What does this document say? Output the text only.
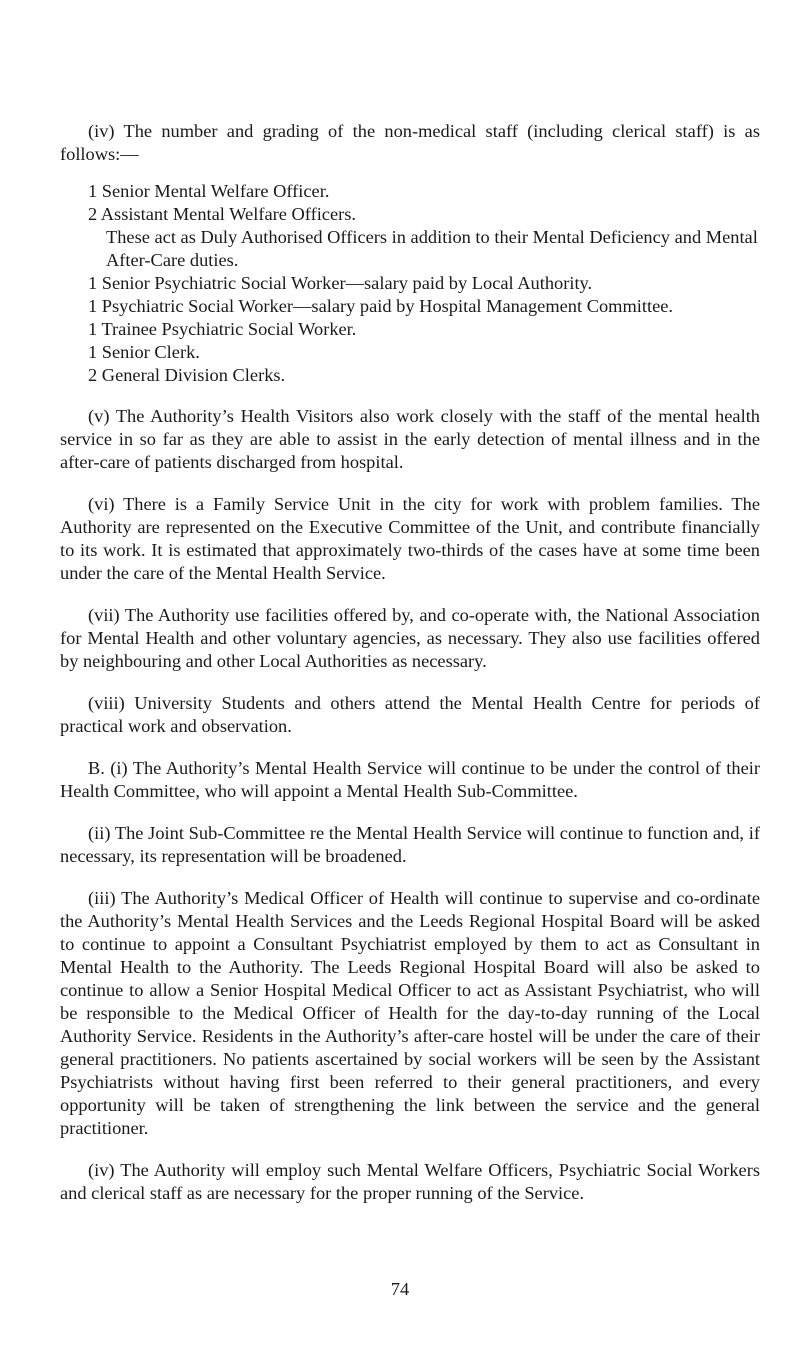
(iv) The number and grading of the non-medical staff (including clerical staff) is as follows:—

1 Senior Mental Welfare Officer.
2 Assistant Mental Welfare Officers.
These act as Duly Authorised Officers in addition to their Mental Deficiency and Mental After-Care duties.
1 Senior Psychiatric Social Worker—salary paid by Local Authority.
1 Psychiatric Social Worker—salary paid by Hospital Management Committee.
1 Trainee Psychiatric Social Worker.
1 Senior Clerk.
2 General Division Clerks.

(v) The Authority’s Health Visitors also work closely with the staff of the mental health service in so far as they are able to assist in the early detection of mental illness and in the after-care of patients discharged from hospital.

(vi) There is a Family Service Unit in the city for work with problem families. The Authority are represented on the Executive Committee of the Unit, and contribute financially to its work. It is estimated that approximately two-thirds of the cases have at some time been under the care of the Mental Health Service.

(vii) The Authority use facilities offered by, and co-operate with, the National Association for Mental Health and other voluntary agencies, as necessary. They also use facilities offered by neighbouring and other Local Authorities as necessary.

(viii) University Students and others attend the Mental Health Centre for periods of practical work and observation.

B. (i) The Authority’s Mental Health Service will continue to be under the control of their Health Committee, who will appoint a Mental Health Sub-Committee.

(ii) The Joint Sub-Committee re the Mental Health Service will continue to function and, if necessary, its representation will be broadened.

(iii) The Authority’s Medical Officer of Health will continue to supervise and co-ordinate the Authority’s Mental Health Services and the Leeds Regional Hospital Board will be asked to continue to appoint a Consultant Psychiatrist employed by them to act as Consultant in Mental Health to the Authority. The Leeds Regional Hospital Board will also be asked to continue to allow a Senior Hospital Medical Officer to act as Assistant Psychiatrist, who will be responsible to the Medical Officer of Health for the day-to-day running of the Local Authority Service. Residents in the Authority’s after-care hostel will be under the care of their general practitioners. No patients ascertained by social workers will be seen by the Assistant Psychiatrists without having first been referred to their general practitioners, and every opportunity will be taken of strengthening the link between the service and the general practitioner.

(iv) The Authority will employ such Mental Welfare Officers, Psychiatric Social Workers and clerical staff as are necessary for the proper running of the Service.

74
